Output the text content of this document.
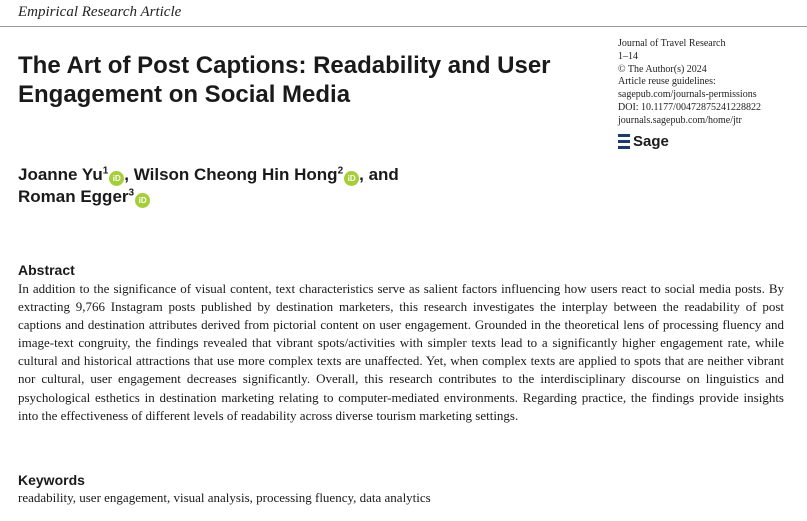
Empirical Research Article
The Art of Post Captions: Readability and User Engagement on Social Media
Journal of Travel Research
1–14
© The Author(s) 2024
Article reuse guidelines:
sagepub.com/journals-permissions
DOI: 10.1177/00472875241228822
journals.sagepub.com/home/jtr
Sage
Joanne Yu$^1$iD , Wilson Cheong Hin Hong$^2$iD , and
Roman Egger$^3$iD
Abstract

In addition to the significance of visual content, text characteristics serve as salient factors influencing how users react to social media posts. By extracting 9,766 Instagram posts published by destination marketers, this research investigates the interplay between the readability of post captions and destination attributes derived from pictorial content on user engagement. Grounded in the theoretical lens of processing fluency and image-text congruity, the findings revealed that vibrant spots/activities with simpler texts lead to a significantly higher engagement rate, while cultural and historical attractions that use more complex texts are unaffected. Yet, when complex texts are applied to spots that are neither vibrant nor cultural, user engagement decreases significantly. Overall, this research contributes to the interdisciplinary discourse on linguistics and psychological esthetics in destination marketing relating to computer-mediated environments. Regarding practice, the findings provide insights into the effectiveness of different levels of readability across diverse tourism marketing settings.

Keywords
readability, user engagement, visual analysis, processing fluency, data analytics
